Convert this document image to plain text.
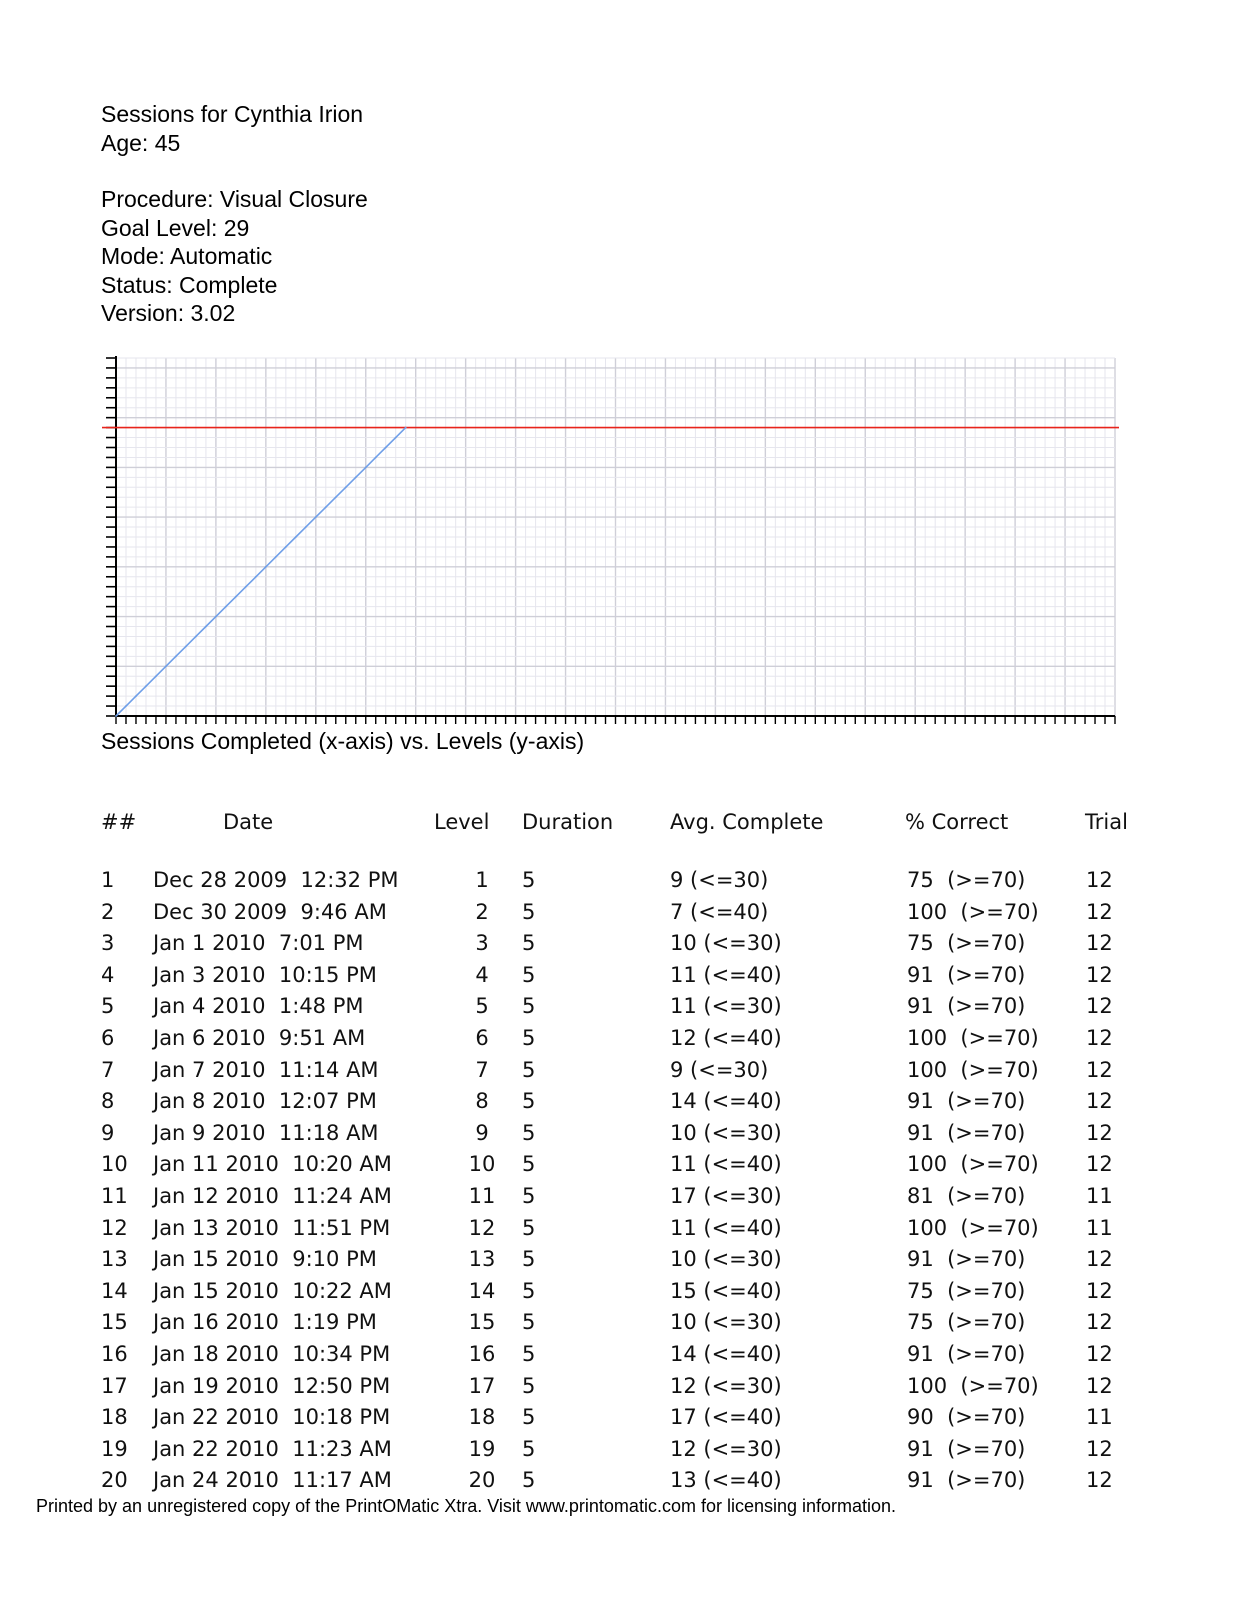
Sessions for Cynthia Irion
Age: 45
Procedure: Visual Closure
Goal Level: 29
Mode: Automatic
Status: Complete
Version: 3.02
Sessions Completed (x-axis) vs. Levels (y-axis)
##	Date	Level Duration	Avg. Complete	% Correct	Trial
1 Dec 28 2009  12:32 PM	1 5	9 (<=30)	75  (>=70)	12
2 Dec 30 2009  9:46 AM	2 5	7 (<=40)	100  (>=70) 12
3 Jan 1 2010  7:01 PM	3 5	10 (<=30)	75  (>=70)	12
4 Jan 3 2010  10:15 PM	4 5	11 (<=40)	91  (>=70)	12
5 Jan 4 2010  1:48 PM	5 5	11 (<=30)	91  (>=70)	12
6 Jan 6 2010  9:51 AM	6 5	12 (<=40)	100  (>=70) 12
7 Jan 7 2010  11:14 AM	7 5	9 (<=30)	100  (>=70) 12
8 Jan 8 2010  12:07 PM	8 5	14 (<=40)	91  (>=70)	12
9 Jan 9 2010  11:18 AM	9 5	10 (<=30)	91  (>=70)	12
10 Jan 11 2010  10:20 AM	10 5	11 (<=40)	100  (>=70) 12
11 Jan 12 2010  11:24 AM	11 5	17 (<=30)	81  (>=70)	11
12 Jan 13 2010  11:51 PM	12 5	11 (<=40)	100  (>=70) 11
13 Jan 15 2010  9:10 PM	13 5	10 (<=30)	91  (>=70)	12
14 Jan 15 2010  10:22 AM	14 5	15 (<=40)	75  (>=70)	12
15 Jan 16 2010  1:19 PM	15 5	10 (<=30)	75  (>=70)	12
16 Jan 18 2010  10:34 PM	16 5	14 (<=40)	91  (>=70)	12
17 Jan 19 2010  12:50 PM	17 5	12 (<=30)	100  (>=70) 12
18 Jan 22 2010  10:18 PM	18 5	17 (<=40)	90  (>=70)	11
19 Jan 22 2010  11:23 AM	19 5	12 (<=30)	91  (>=70)	12
20 Jan 24 2010  11:17 AM	20 5	13 (<=40)	91  (>=70)	12
Printed by an unregistered copy of the PrintOMatic Xtra. Visit www.printomatic.com for licensing information.
